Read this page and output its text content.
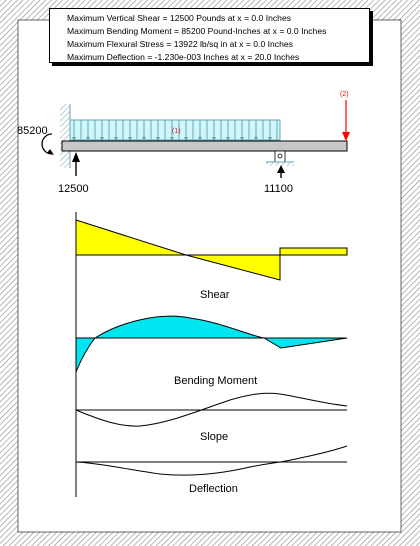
(1)
85200
12500	11100
(2)
Shear
Bending Moment
Slope
Deflection
Maximum Vertical Shear = 12500 Pounds at x = 0.0 Inches
Maximum Bending Moment = 85200 Pound-Inches at x = 0.0 Inches
Maximum Flexural Stress = 13922 lb/sq in at x = 0.0 Inches
Maximum Deflection = -1.230e-003 Inches at x = 20.0 Inches
